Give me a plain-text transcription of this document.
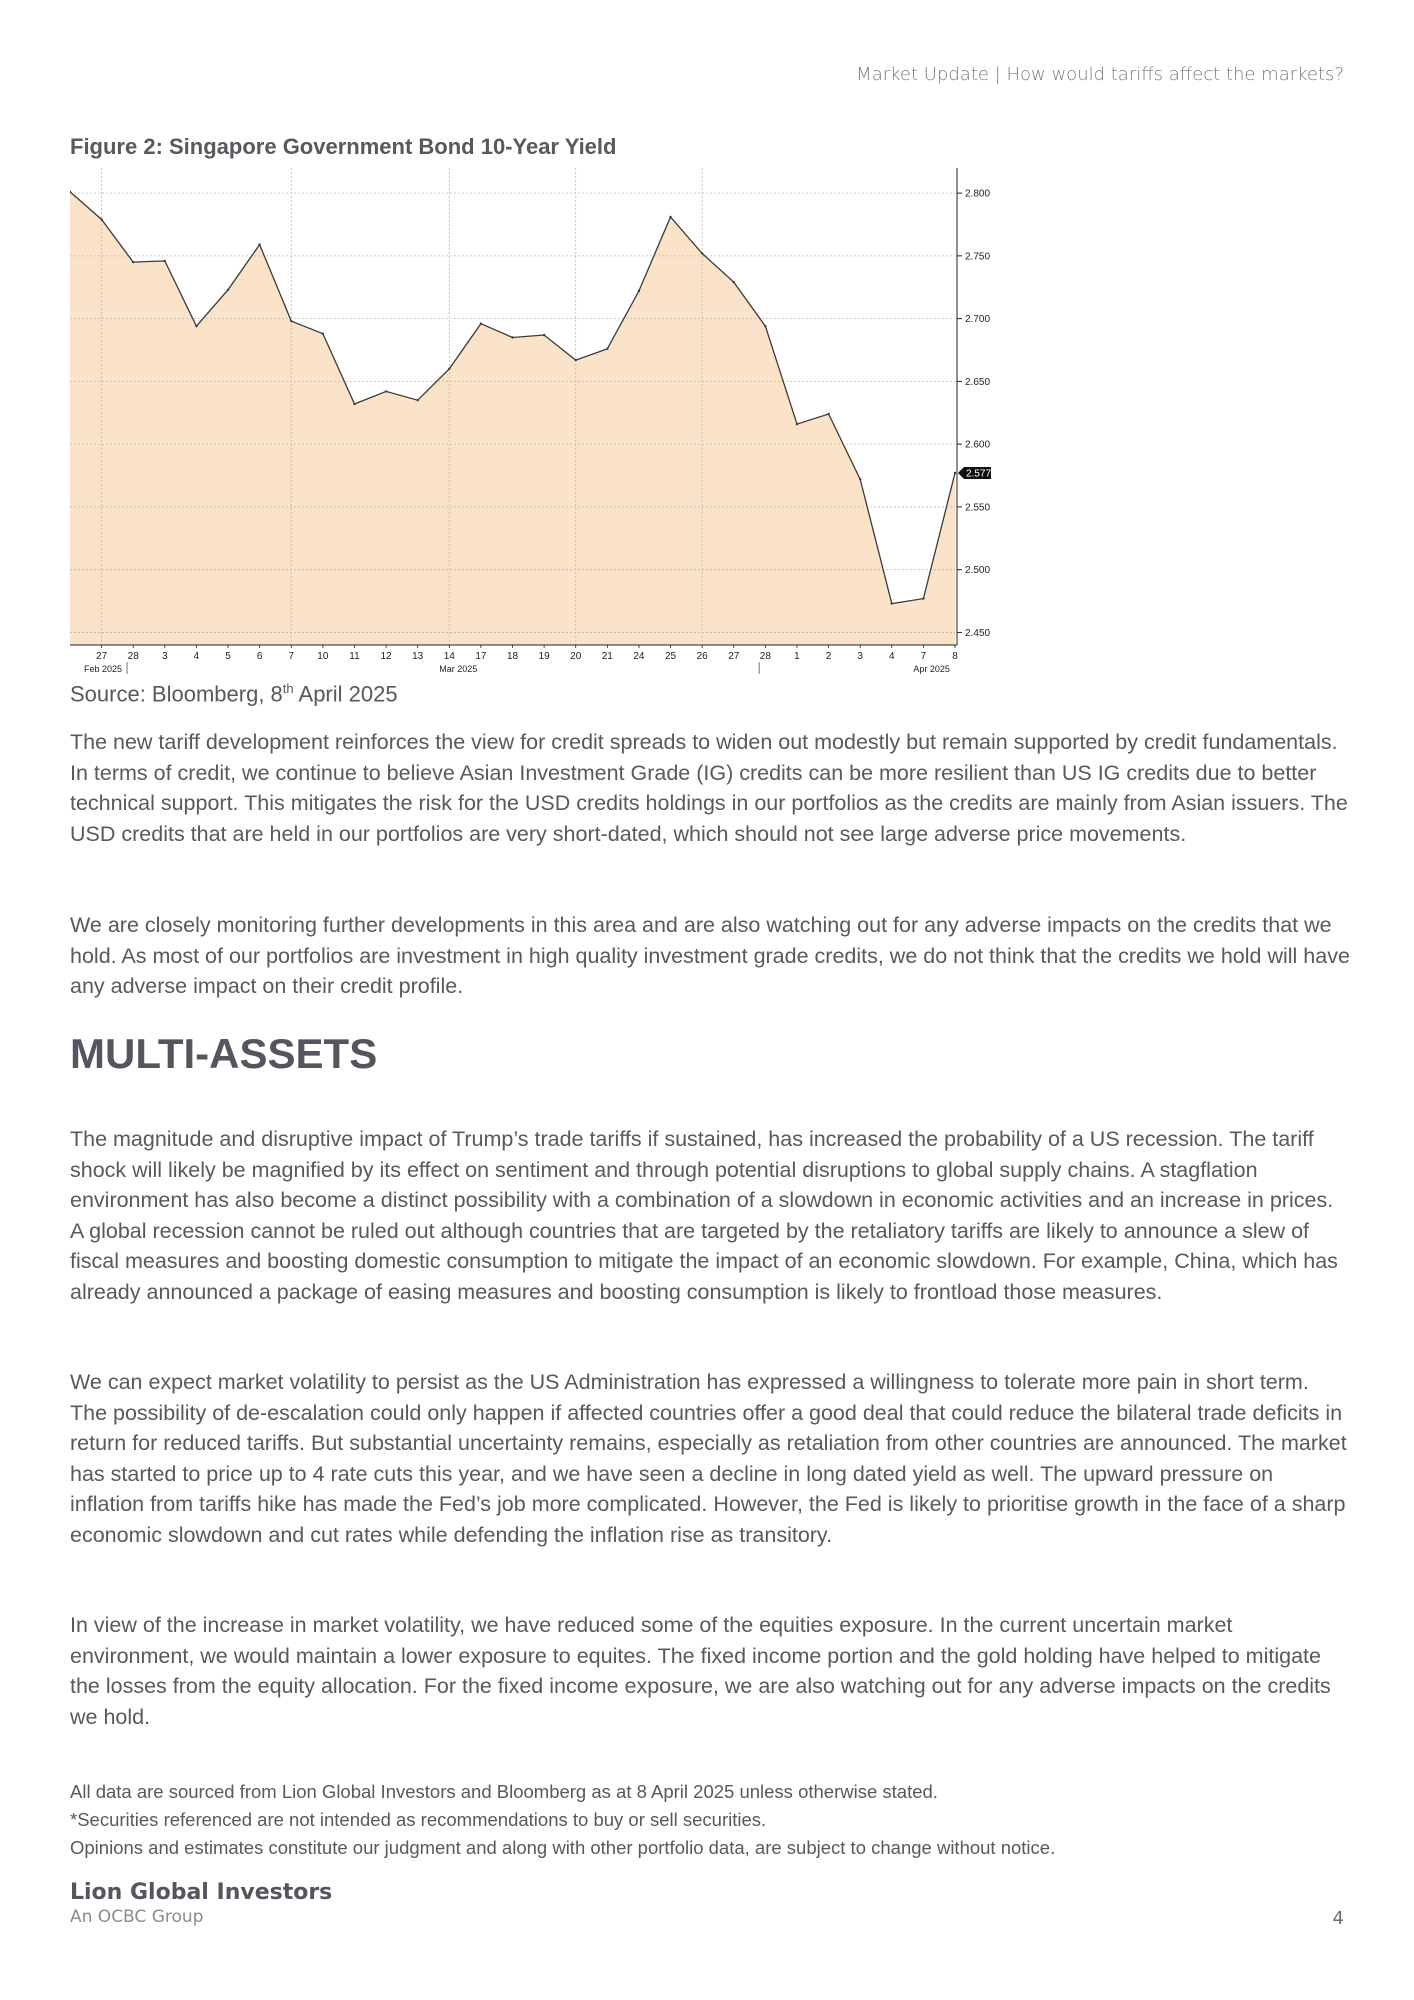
Market Update | How would tariffs affect the markets?
Figure 2: Singapore Government Bond 10-Year Yield
2.800
2.750
2.700
2.650
2.600
2.550
2.500
2.450
2.577
27 28 3	4	5	6	7 10 11 12 13 14 17 18 19 20 21 24 25 26 27 28 1	2	3	4	7	8
Feb 2025	Mar 2025	Apr 2025
Source: Bloomberg, 8th April 2025

The new tariff development reinforces the view for credit spreads to widen out modestly but remain supported by credit fundamentals. In terms of credit, we continue to believe Asian Investment Grade (IG) credits can be more resilient than US IG credits due to better technical support. This mitigates the risk for the USD credits holdings in our portfolios as the credits are mainly from Asian issuers. The USD credits that are held in our portfolios are very short-dated, which should not see large adverse price movements.

We are closely monitoring further developments in this area and are also watching out for any adverse impacts on the credits that we hold. As most of our portfolios are investment in high quality investment grade credits, we do not think that the credits we hold will have any adverse impact on their credit profile.

MULTI-ASSETS

The magnitude and disruptive impact of Trump’s trade tariffs if sustained, has increased the probability of a US recession. The tariff shock will likely be magnified by its effect on sentiment and through potential disruptions to global supply chains. A stagflation environment has also become a distinct possibility with a combination of a slowdown in economic activities and an increase in prices. A global recession cannot be ruled out although countries that are targeted by the retaliatory tariffs are likely to announce a slew of fiscal measures and boosting domestic consumption to mitigate the impact of an economic slowdown. For example, China, which has already announced a package of easing measures and boosting consumption is likely to frontload those measures.

We can expect market volatility to persist as the US Administration has expressed a willingness to tolerate more pain in short term. The possibility of de-escalation could only happen if affected countries offer a good deal that could reduce the bilateral trade deficits in return for reduced tariffs. But substantial uncertainty remains, especially as retaliation from other countries are announced. The market has started to price up to 4 rate cuts this year, and we have seen a decline in long dated yield as well. The upward pressure on inflation from tariffs hike has made the Fed’s job more complicated. However, the Fed is likely to prioritise growth in the face of a sharp economic slowdown and cut rates while defending the inflation rise as transitory.

In view of the increase in market volatility, we have reduced some of the equities exposure. In the current uncertain market environment, we would maintain a lower exposure to equites. The fixed income portion and the gold holding have helped to mitigate the losses from the equity allocation. For the fixed income exposure, we are also watching out for any adverse impacts on the credits we hold.

All data are sourced from Lion Global Investors and Bloomberg as at 8 April 2025 unless otherwise stated.
*Securities referenced are not intended as recommendations to buy or sell securities.
Opinions and estimates constitute our judgment and along with other portfolio data, are subject to change without notice.
Lion Global Investors
An OCBC Group	4
